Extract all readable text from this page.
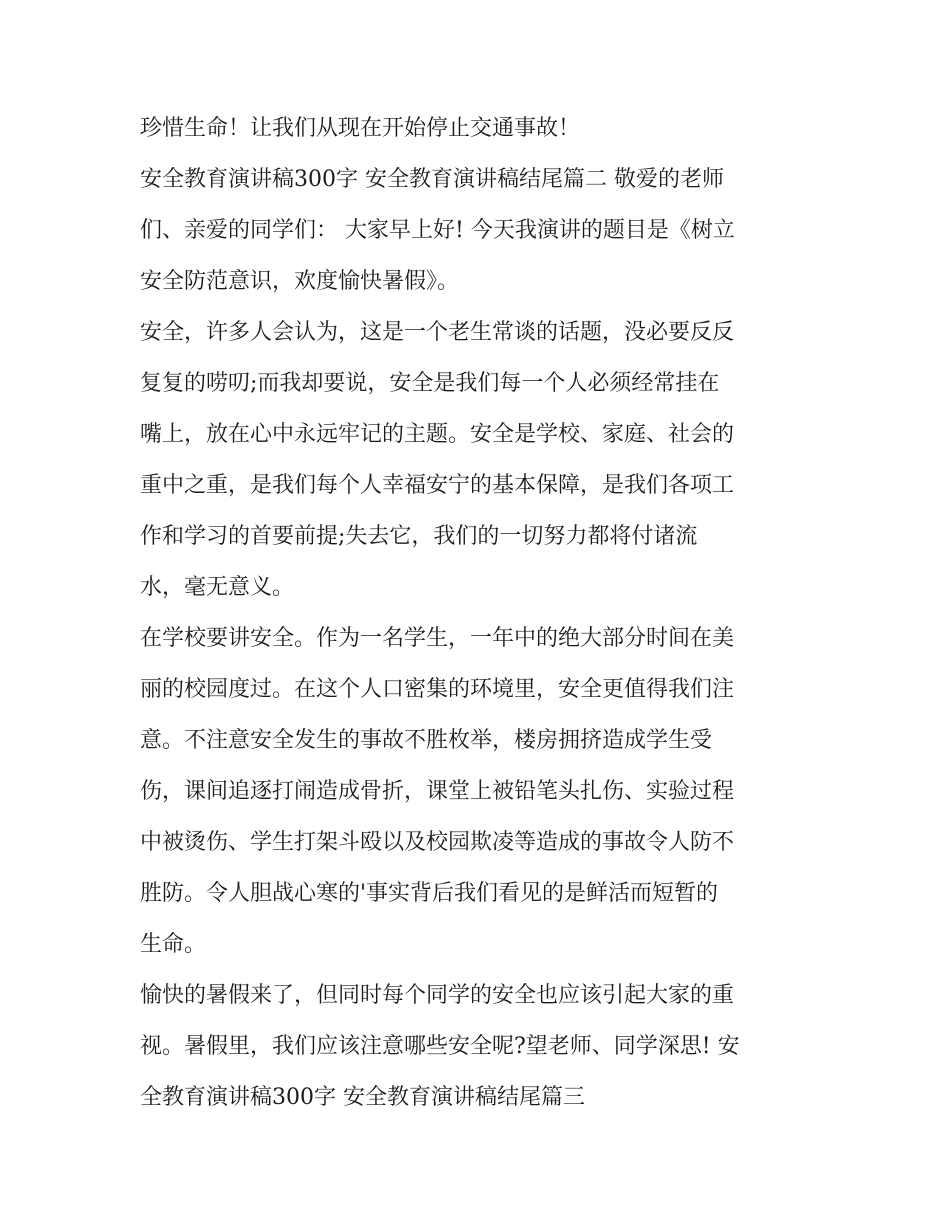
珍惜生命！让我们从现在开始停止交通事故！
安全教育演讲稿300字 安全教育演讲稿结尾篇二 敬爱的老师
们、亲爱的同学们： 大家早上好! 今天我演讲的题目是《树立
安全防范意识，欢度愉快暑假》。
安全，许多人会认为，这是一个老生常谈的话题，没必要反反
复复的唠叨;而我却要说，安全是我们每一个人必须经常挂在
嘴上，放在心中永远牢记的主题。安全是学校、家庭、社会的
重中之重，是我们每个人幸福安宁的基本保障，是我们各项工
作和学习的首要前提;失去它，我们的一切努力都将付诸流
水，毫无意义。
在学校要讲安全。作为一名学生，一年中的绝大部分时间在美
丽的校园度过。在这个人口密集的环境里，安全更值得我们注
意。不注意安全发生的事故不胜枚举，楼房拥挤造成学生受
伤，课间追逐打闹造成骨折，课堂上被铅笔头扎伤、实验过程
中被烫伤、学生打架斗殴以及校园欺凌等造成的事故令人防不
胜防。令人胆战心寒的'事实背后我们看见的是鲜活而短暂的
生命。
愉快的暑假来了，但同时每个同学的安全也应该引起大家的重
视。暑假里，我们应该注意哪些安全呢?望老师、同学深思! 安
全教育演讲稿300字 安全教育演讲稿结尾篇三
